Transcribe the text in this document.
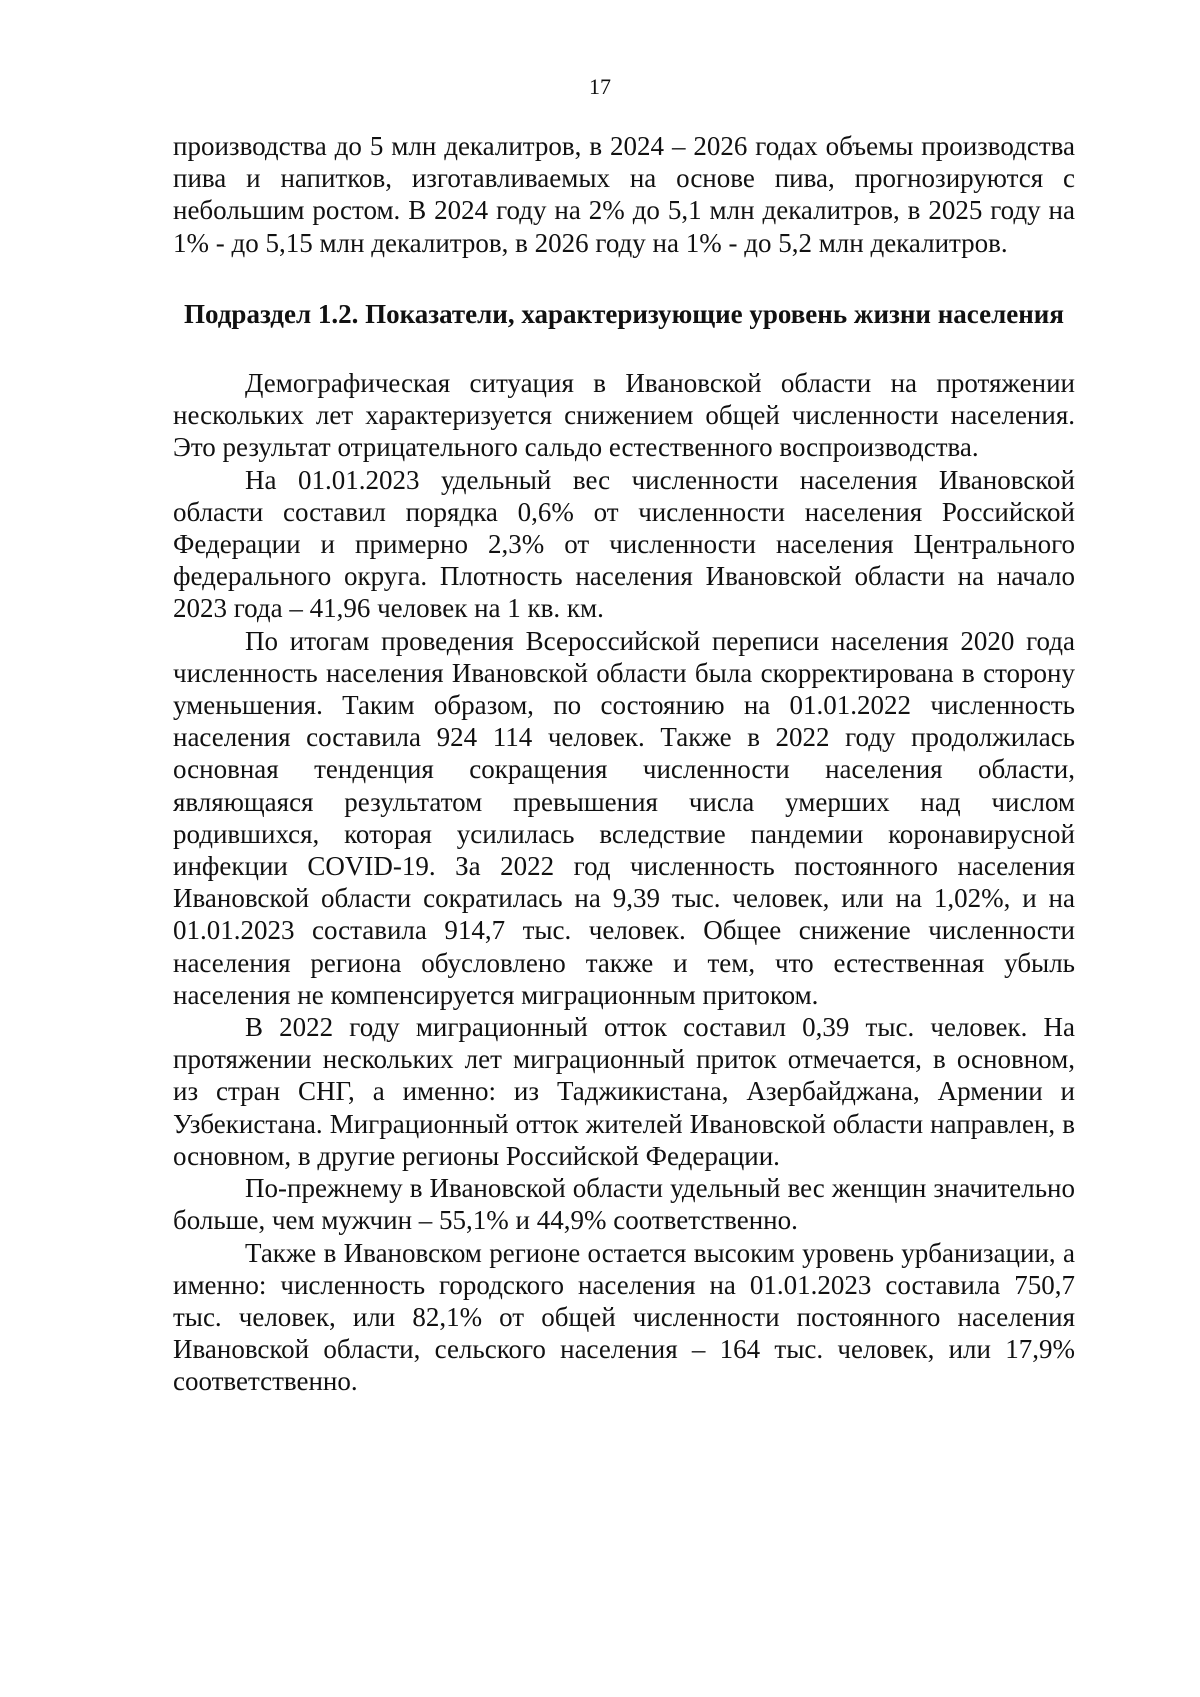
17

производства до 5 млн декалитров, в 2024 – 2026 годах объемы производства пива и напитков, изготавливаемых на основе пива, прогнозируются с небольшим ростом. В 2024 году на 2% до 5,1 млн декалитров, в 2025 году на 1% - до 5,15 млн декалитров, в 2026 году на 1% - до 5,2 млн декалитров.

Подраздел 1.2. Показатели, характеризующие уровень жизни населения

Демографическая ситуация в Ивановской области на протяжении нескольких лет характеризуется снижением общей численности населения. Это результат отрицательного сальдо естественного воспроизводства.

На 01.01.2023 удельный вес численности населения Ивановской области составил порядка 0,6% от численности населения Российской Федерации и примерно 2,3% от численности населения Центрального федерального округа. Плотность населения Ивановской области на начало 2023 года – 41,96 человек на 1 кв. км.

По итогам проведения Всероссийской переписи населения 2020 года численность населения Ивановской области была скорректирована в сторону уменьшения. Таким образом, по состоянию на 01.01.2022 численность населения составила 924 114 человек. Также в 2022 году продолжилась основная тенденция сокращения численности населения области, являющаяся результатом превышения числа умерших над числом родившихся, которая усилилась вследствие пандемии коронавирусной инфекции COVID-19. За 2022 год численность постоянного населения Ивановской области сократилась на 9,39 тыс. человек, или на 1,02%, и на 01.01.2023 составила 914,7 тыс. человек. Общее снижение численности населения региона обусловлено также и тем, что естественная убыль населения не компенсируется миграционным притоком.

В 2022 году миграционный отток составил 0,39 тыс. человек. На протяжении нескольких лет миграционный приток отмечается, в основном, из стран СНГ, а именно: из Таджикистана, Азербайджана, Армении и Узбекистана. Миграционный отток жителей Ивановской области направлен, в основном, в другие регионы Российской Федерации.

По-прежнему в Ивановской области удельный вес женщин значительно больше, чем мужчин – 55,1% и 44,9% соответственно.

Также в Ивановском регионе остается высоким уровень урбанизации, а именно: численность городского населения на 01.01.2023 составила 750,7 тыс. человек, или 82,1% от общей численности постоянного населения Ивановской области, сельского населения – 164 тыс. человек, или 17,9% соответственно.
